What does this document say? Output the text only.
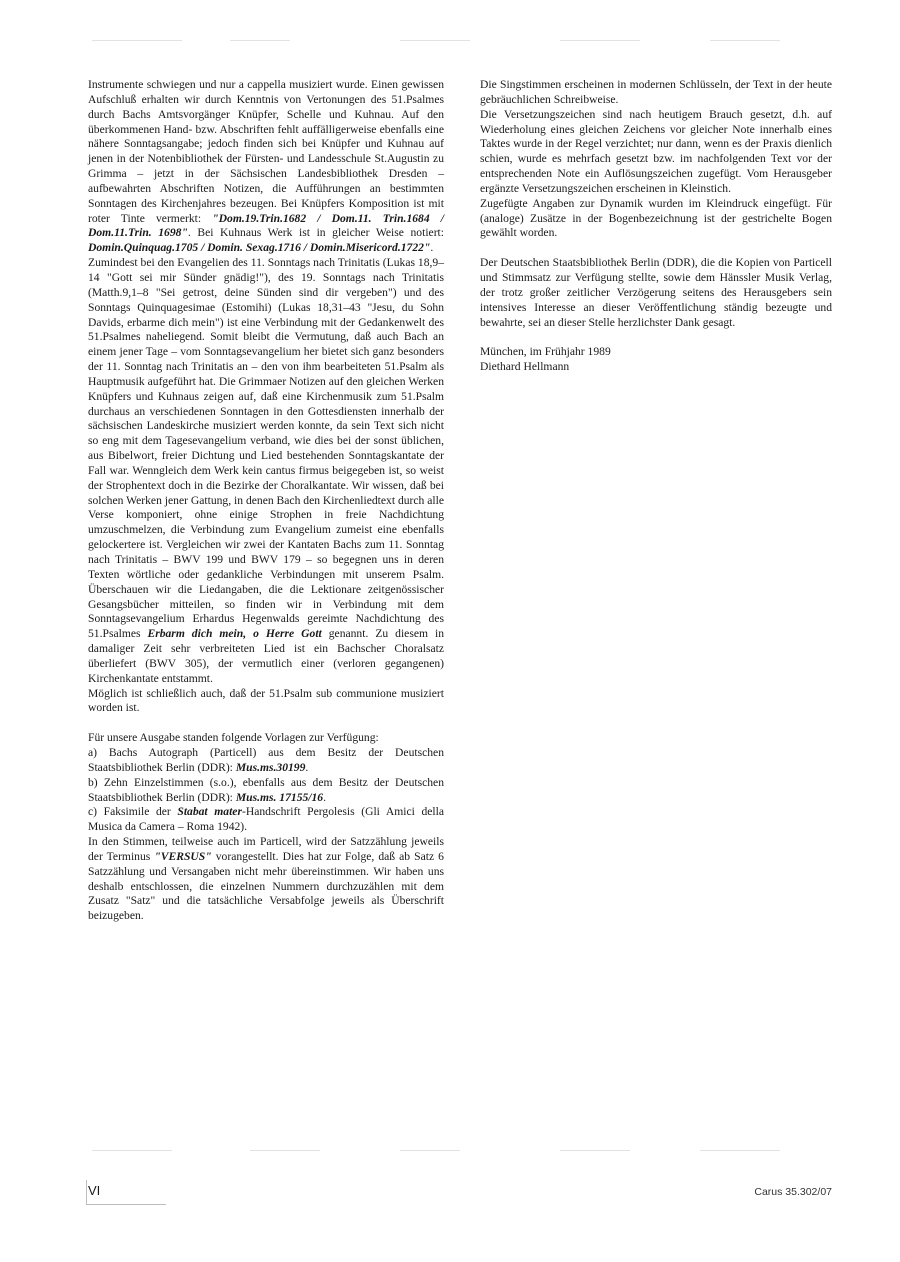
Instrumente schwiegen und nur a cappella musiziert wurde. Einen gewissen Aufschluß erhalten wir durch Kenntnis von Vertonungen des 51.Psalmes durch Bachs Amtsvorgänger Knüpfer, Schelle und Kuhnau. Auf den überkommenen Hand- bzw. Abschriften fehlt auffälligerweise ebenfalls eine nähere Sonntagsangabe; jedoch finden sich bei Knüpfer und Kuhnau auf jenen in der Notenbibliothek der Fürsten- und Landesschule St.Augustin zu Grimma – jetzt in der Sächsischen Landesbibliothek Dresden – aufbewahrten Abschriften Notizen, die Aufführungen an bestimmten Sonntagen des Kirchenjahres bezeugen. Bei Knüpfers Komposition ist mit roter Tinte vermerkt: "Dom.19.Trin.1682 / Dom.11. Trin.1684 / Dom.11.Trin. 1698". Bei Kuhnaus Werk ist in gleicher Weise notiert: Domin.Quinquag.1705 / Domin. Sexag.1716 / Domin.Misericord.1722".

Zumindest bei den Evangelien des 11. Sonntags nach Trinitatis (Lukas 18,9–14 "Gott sei mir Sünder gnädig!"), des 19. Sonntags nach Trinitatis (Matth.9,1–8 "Sei getrost, deine Sünden sind dir vergeben") und des Sonntags Quinquagesimae (Estomihi) (Lukas 18,31–43 "Jesu, du Sohn Davids, erbarme dich mein") ist eine Verbindung mit der Gedankenwelt des 51.Psalmes naheliegend. Somit bleibt die Vermutung, daß auch Bach an einem jener Tage – vom Sonntagsevangelium her bietet sich ganz besonders der 11. Sonntag nach Trinitatis an – den von ihm bearbeiteten 51.Psalm als Hauptmusik aufgeführt hat. Die Grimmaer Notizen auf den gleichen Werken Knüpfers und Kuhnaus zeigen auf, daß eine Kirchenmusik zum 51.Psalm durchaus an verschiedenen Sonntagen in den Gottesdiensten innerhalb der sächsischen Landeskirche musiziert werden konnte, da sein Text sich nicht so eng mit dem Tagesevangelium verband, wie dies bei der sonst üblichen, aus Bibelwort, freier Dichtung und Lied bestehenden Sonntagskantate der Fall war. Wenngleich dem Werk kein cantus firmus beigegeben ist, so weist der Strophentext doch in die Bezirke der Choralkantate. Wir wissen, daß bei solchen Werken jener Gattung, in denen Bach den Kirchenliedtext durch alle Verse komponiert, ohne einige Strophen in freie Nachdichtung umzuschmelzen, die Verbindung zum Evangelium zumeist eine ebenfalls gelockertere ist. Vergleichen wir zwei der Kantaten Bachs zum 11. Sonntag nach Trinitatis – BWV 199 und BWV 179 – so begegnen uns in deren Texten wörtliche oder gedankliche Verbindungen mit unserem Psalm. Überschauen wir die Liedangaben, die die Lektionare zeitgenössischer Gesangsbücher mitteilen, so finden wir in Verbindung mit dem Sonntagsevangelium Erhardus Hegenwalds gereimte Nachdichtung des 51.Psalmes Erbarm dich mein, o Herre Gott genannt. Zu diesem in damaliger Zeit sehr verbreiteten Lied ist ein Bachscher Choralsatz überliefert (BWV 305), der vermutlich einer (verloren gegangenen) Kirchenkantate entstammt.

Möglich ist schließlich auch, daß der 51.Psalm sub communione musiziert worden ist.

Für unsere Ausgabe standen folgende Vorlagen zur Verfügung:

a) Bachs Autograph (Particell) aus dem Besitz der Deutschen Staatsbibliothek Berlin (DDR): Mus.ms.30199.

b) Zehn Einzelstimmen (s.o.), ebenfalls aus dem Besitz der Deutschen Staatsbibliothek Berlin (DDR): Mus.ms. 17155/16.

c) Faksimile der Stabat mater-Handschrift Pergolesis (Gli Amici della Musica da Camera – Roma 1942).

In den Stimmen, teilweise auch im Particell, wird der Satzzählung jeweils der Terminus "VERSUS" vorangestellt. Dies hat zur Folge, daß ab Satz 6 Satzzählung und Versangaben nicht mehr übereinstimmen. Wir haben uns deshalb entschlossen, die einzelnen Nummern durchzuzählen mit dem Zusatz "Satz" und die tatsächliche Versabfolge jeweils als Überschrift beizugeben.

Die Singstimmen erscheinen in modernen Schlüsseln, der Text in der heute gebräuchlichen Schreibweise.

Die Versetzungszeichen sind nach heutigem Brauch gesetzt, d.h. auf Wiederholung eines gleichen Zeichens vor gleicher Note innerhalb eines Taktes wurde in der Regel verzichtet; nur dann, wenn es der Praxis dienlich schien, wurde es mehrfach gesetzt bzw. im nachfolgenden Text vor der entsprechenden Note ein Auflösungszeichen zugefügt. Vom Herausgeber ergänzte Versetzungszeichen erscheinen in Kleinstich.

Zugefügte Angaben zur Dynamik wurden im Kleindruck eingefügt. Für (analoge) Zusätze in der Bogenbezeichnung ist der gestrichelte Bogen gewählt worden.

Der Deutschen Staatsbibliothek Berlin (DDR), die die Kopien von Particell und Stimmsatz zur Verfügung stellte, sowie dem Hänssler Musik Verlag, der trotz großer zeitlicher Verzögerung seitens des Herausgebers sein intensives Interesse an dieser Veröffentlichung ständig bezeugte und bewahrte, sei an dieser Stelle herzlichster Dank gesagt.

München, im Frühjahr 1989

Diethard Hellmann

VI	Carus 35.302/07
